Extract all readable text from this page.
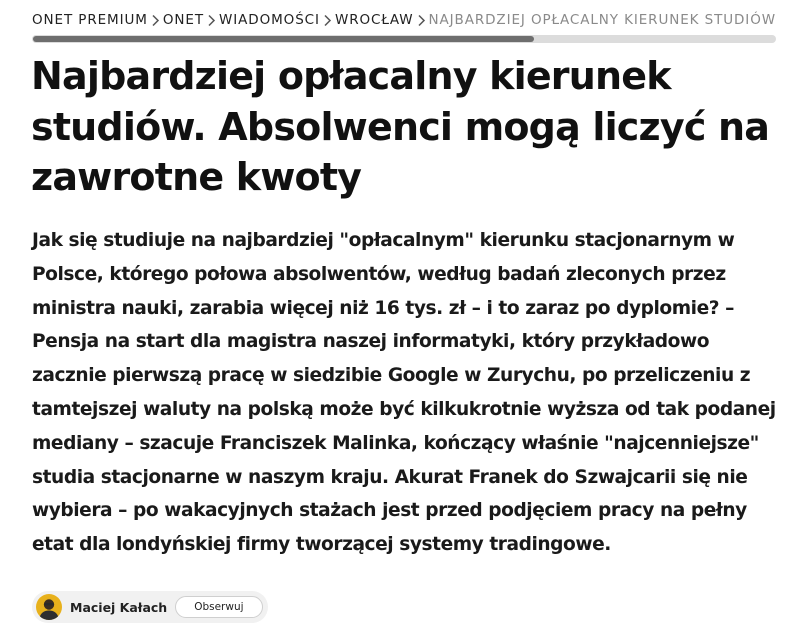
ONET PREMIUM ONET WIADOMOŚCI WROCŁAW NAJBARDZIEJ OPŁACALNY KIERUNEK STUDIÓW
Najbardziej opłacalny kierunek studiów. Absolwenci mogą liczyć na zawrotne kwoty

Jak się studiuje na najbardziej "opłacalnym" kierunku stacjonarnym w Polsce, którego połowa absolwentów, według badań zleconych przez ministra nauki, zarabia więcej niż 16 tys. zł – i to zaraz po dyplomie? – Pensja na start dla magistra naszej informatyki, który przykładowo zacznie pierwszą pracę w siedzibie Google w Zurychu, po przeliczeniu z tamtejszej waluty na polską może być kilkukrotnie wyższa od tak podanej mediany – szacuje Franciszek Malinka, kończący właśnie "najcenniejsze" studia stacjonarne w naszym kraju. Akurat Franek do Szwajcarii się nie wybiera – po wakacyjnych stażach jest przed podjęciem pracy na pełny etat dla londyńskiej firmy tworzącej systemy tradingowe.

Maciej Kałach	Obserwuj
